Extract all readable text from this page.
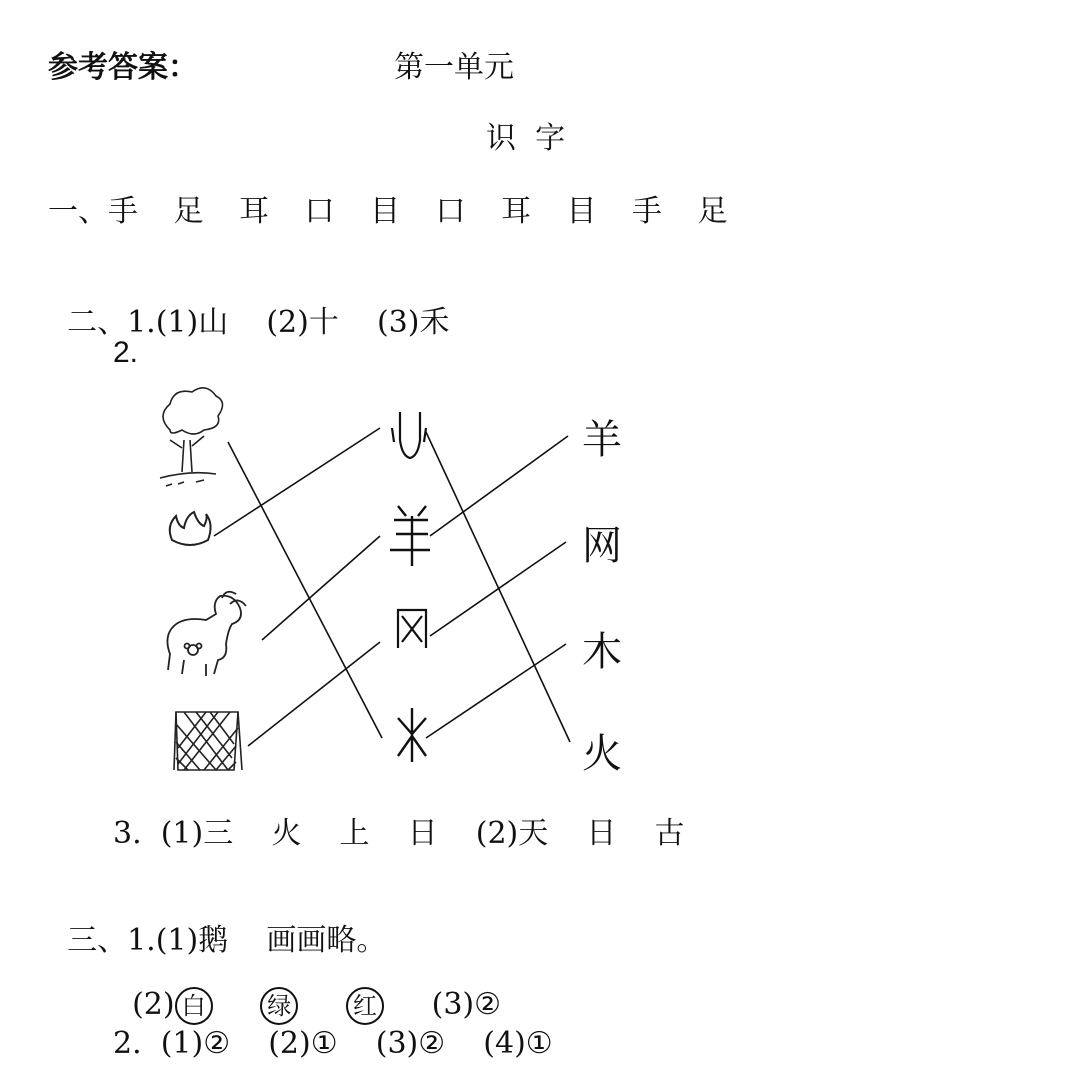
参考答案：	第一单元
识  字
一、手 足 耳 口 目 口 耳 目 手 足

二、1.(1)山    (2)十    (3)禾

2.
羊
网
木
火
3.  (1)三    火    上    日    (2)天    日    古

三、1.(1)鹅    画画略。

(2) 白	绿	红 (3)②

2.  (1)②    (2)①    (3)②    (4)①
